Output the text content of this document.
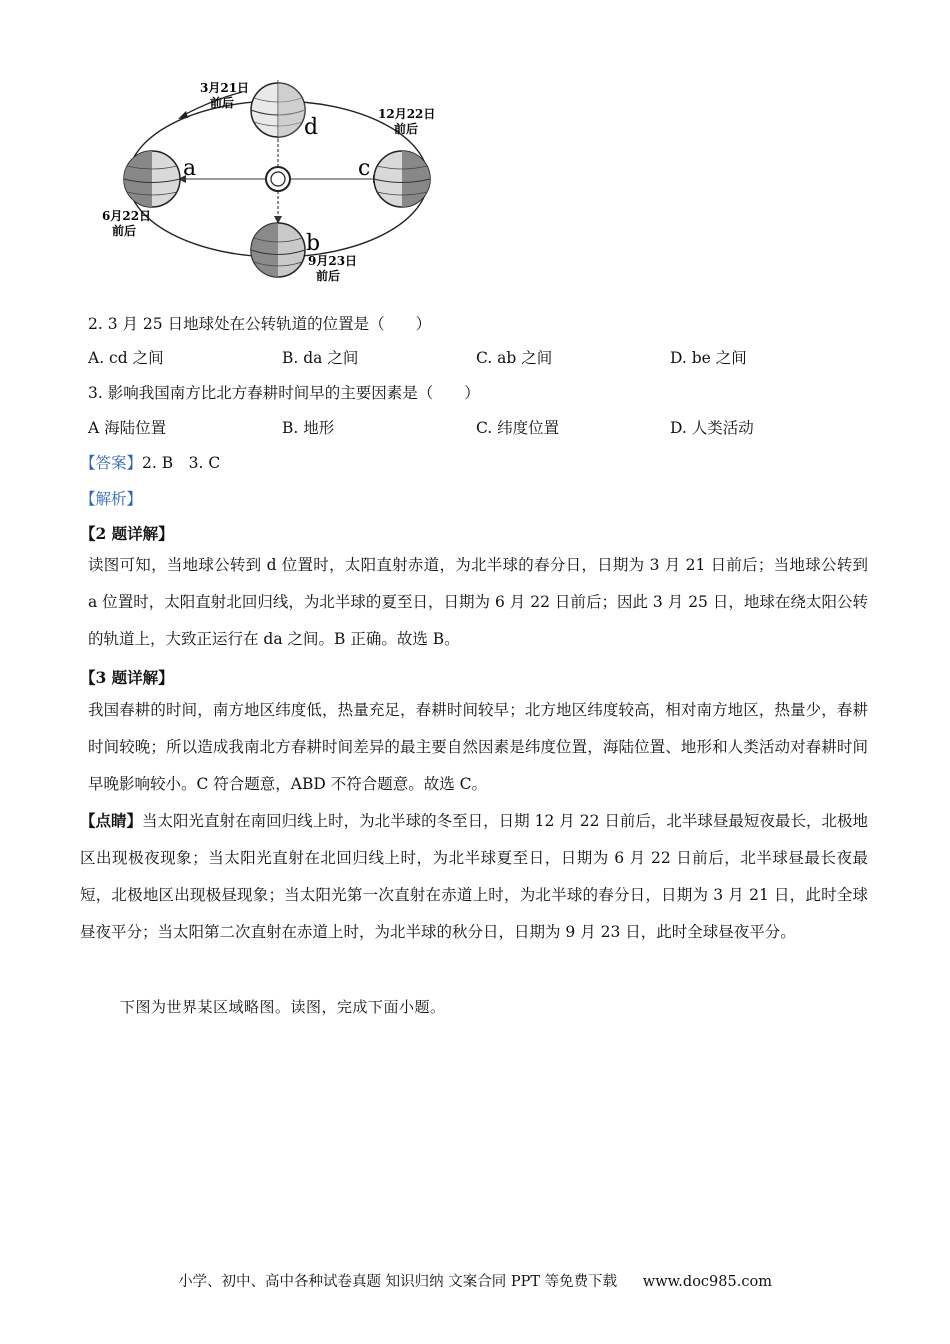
3月21日
前后
12月22日
前后
6月22日
前后
9月23日
前后
a
b
c
d
2. 3 月 25 日地球处在公转轨道的位置是（　　）
A. cd 之间	B. da 之间	C. ab 之间	D. be 之间
3. 影响我国南方比北方春耕时间早的主要因素是（　　）
A 海陆位置	B. 地形	C. 纬度位置	D. 人类活动
【答案】2. B　3. C
【解析】
【2 题详解】
读图可知，当地球公转到 d 位置时，太阳直射赤道，为北半球的春分日，日期为 3 月 21 日前后；当地球公转到 a 位置时，太阳直射北回归线，为北半球的夏至日，日期为 6 月 22 日前后；因此 3 月 25 日，地球在绕太阳公转的轨道上，大致正运行在 da 之间。B 正确。故选 B。
【3 题详解】
我国春耕的时间，南方地区纬度低，热量充足，春耕时间较早；北方地区纬度较高，相对南方地区，热量少，春耕时间较晚；所以造成我南北方春耕时间差异的最主要自然因素是纬度位置，海陆位置、地形和人类活动对春耕时间早晚影响较小。C 符合题意，ABD 不符合题意。故选 C。
【点睛】当太阳光直射在南回归线上时，为北半球的冬至日，日期 12 月 22 日前后，北半球昼最短夜最长，北极地区出现极夜现象；当太阳光直射在北回归线上时，为北半球夏至日，日期为 6 月 22 日前后，北半球昼最长夜最短，北极地区出现极昼现象；当太阳光第一次直射在赤道上时，为北半球的春分日，日期为 3 月 21 日，此时全球昼夜平分；当太阳第二次直射在赤道上时，为北半球的秋分日，日期为 9 月 23 日，此时全球昼夜平分。
下图为世界某区域略图。读图，完成下面小题。
小学、初中、高中各种试卷真题 知识归纳 文案合同 PPT 等免费下载 www.doc985.com
